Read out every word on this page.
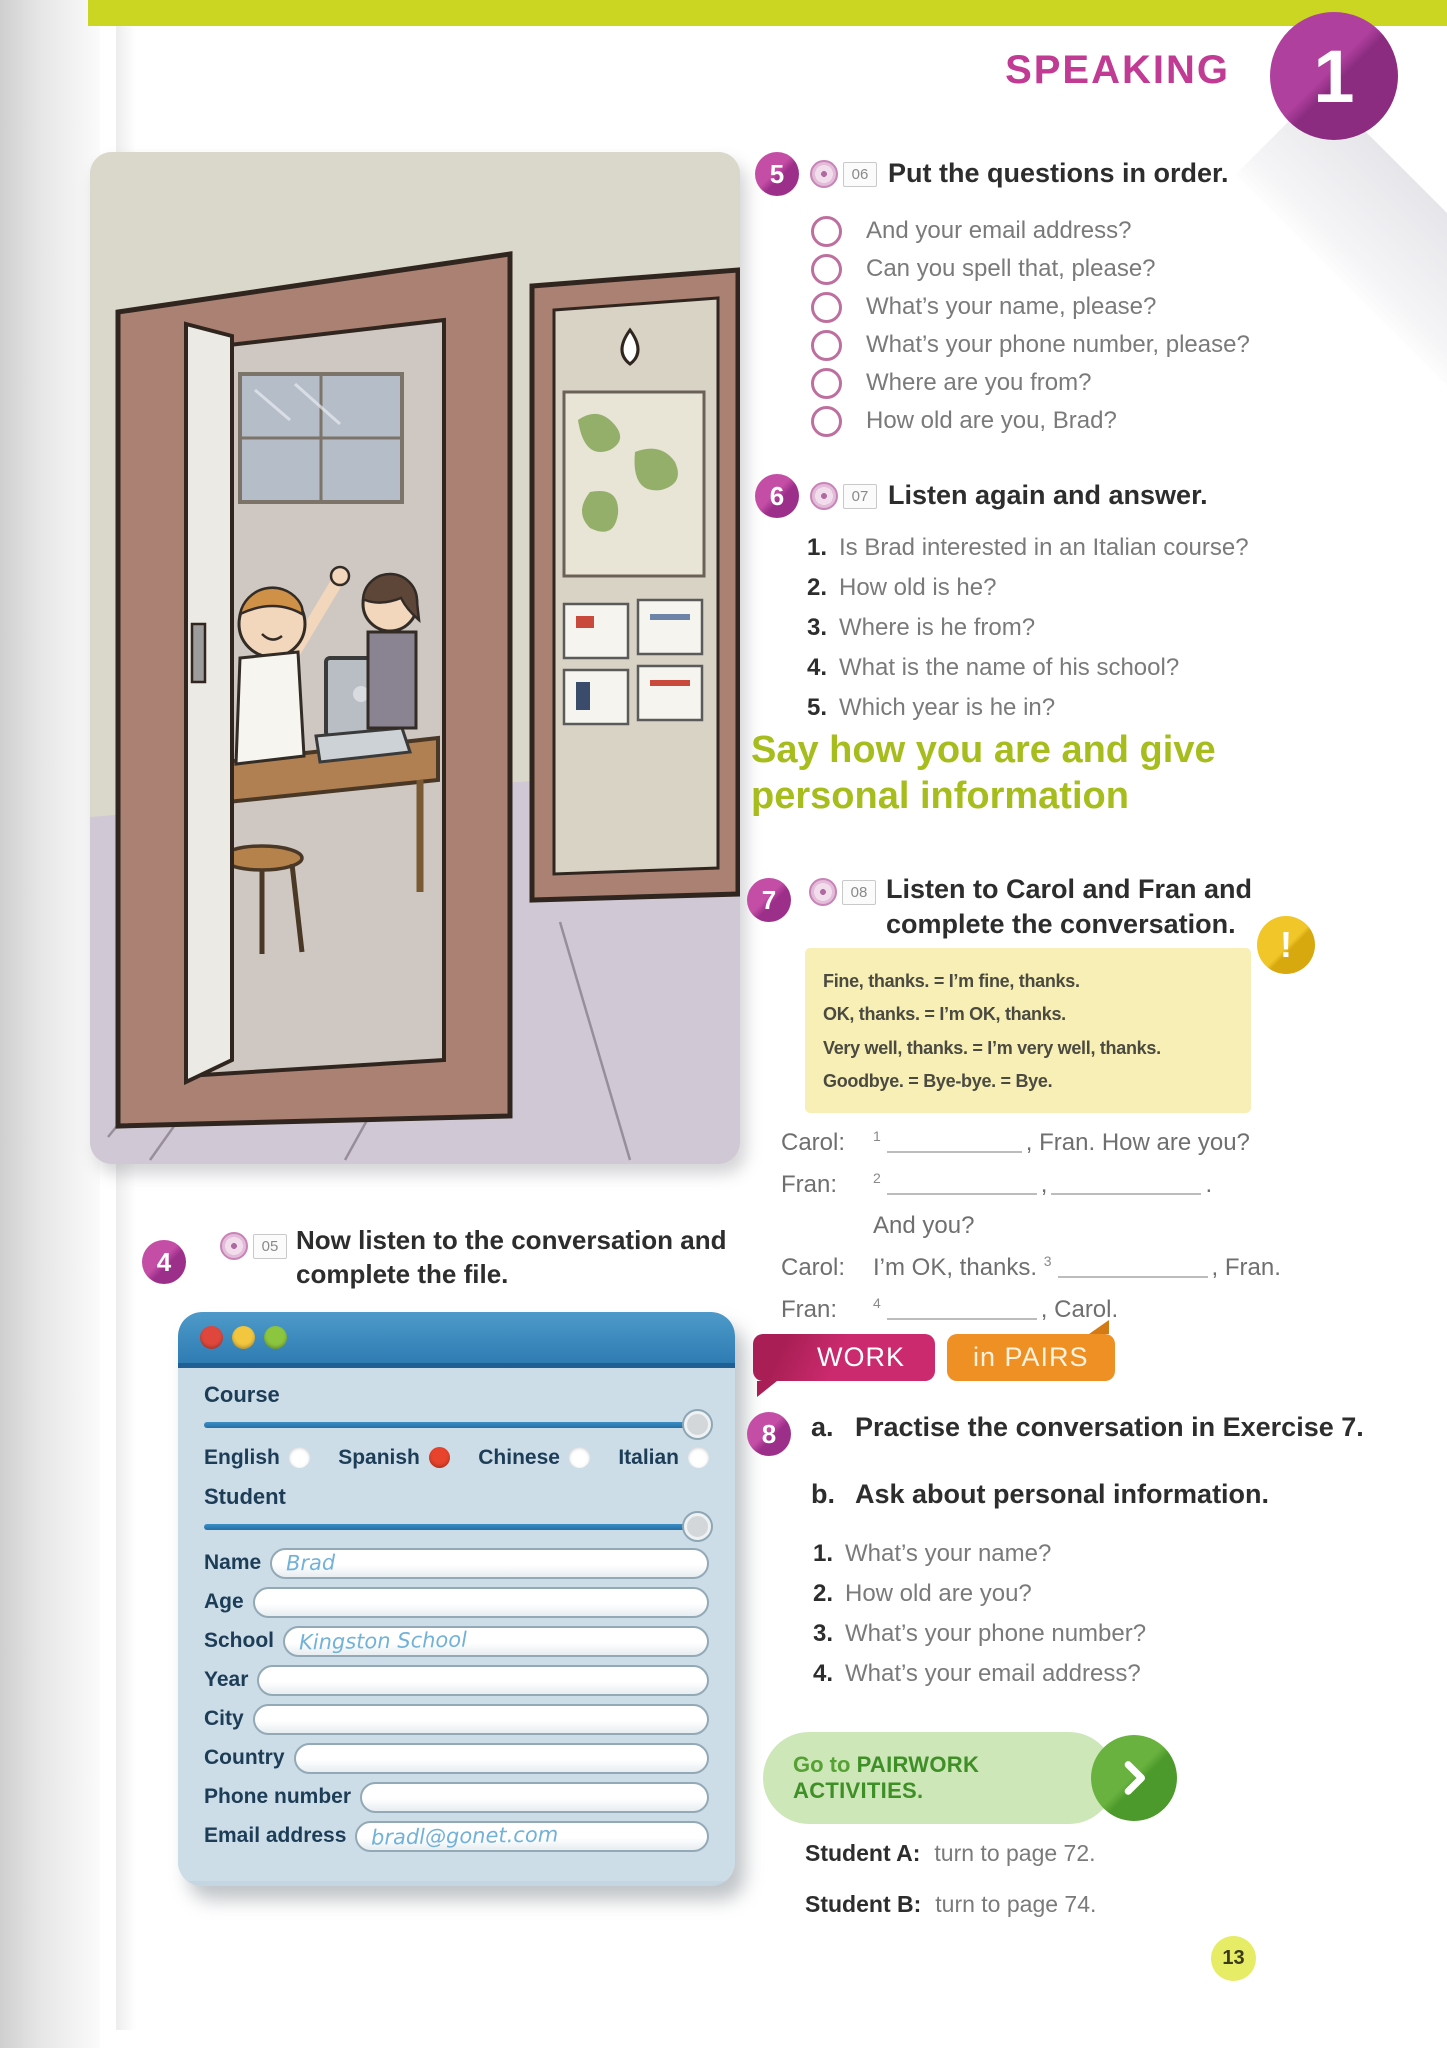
SPEAKING	1
4
05 Now listen to the conversation and complete the file.
Course
English	Spanish	Chinese	Italian
Student
Name Brad
Age
School Kingston School
Year
City
Country
Phone number
Email address bradl@gonet.com
5	06 Put the questions in order.
And your email address?
Can you spell that, please?
What’s your name, please?
What’s your phone number, please?
Where are you from?
How old are you, Brad?
6	07 Listen again and answer.
1. Is Brad interested in an Italian course?
2. How old is he?
3. Where is he from?
4. What is the name of his school?
5. Which year is he in?
Say how you are and give personal information
7	08 Listen to Carol and Fran and complete the conversation.	!
Fine, thanks. = I’m fine, thanks.
OK, thanks. = I’m OK, thanks.
Very well, thanks. = I’m very well, thanks.
Goodbye. = Bye-bye. = Bye.
Carol:	$^1$	, Fran. How are you?
Fran:	$^2$	,	.
And you?
Carol:	I’m OK, thanks. $^3$	, Fran.
Fran:	$^4$	, Carol.
WORK	in PAIRS
8	a. Practise the conversation in Exercise 7.
b. Ask about personal information.
1. What’s your name?
2. How old are you?
3. What’s your phone number?
4. What’s your email address?
Go to PAIRWORK ACTIVITIES.
Student A: turn to page 72.
Student B: turn to page 74.
13
